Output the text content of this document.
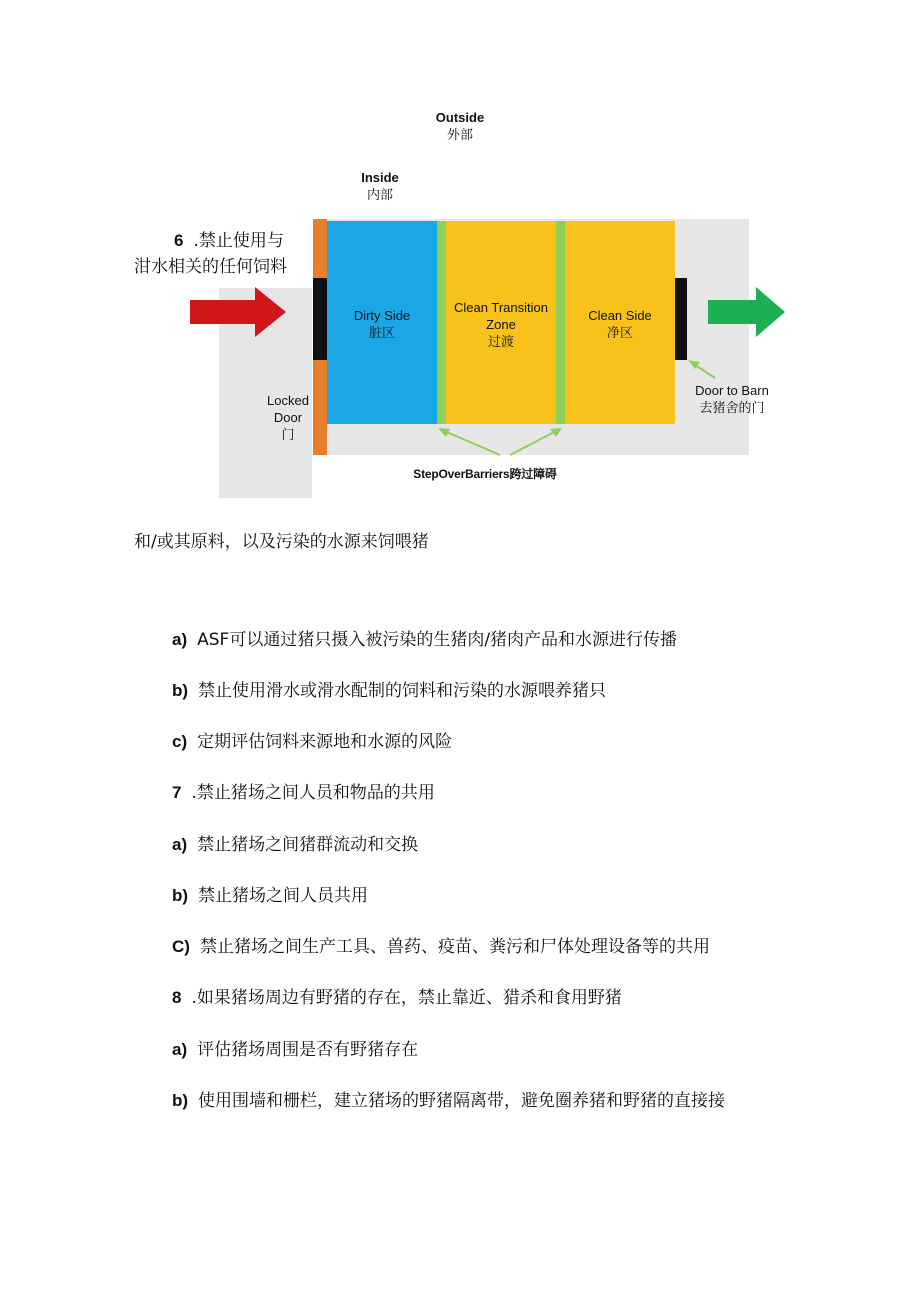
Outside
外部
Inside
内部
Dirty Side
脏区
Clean Transition
Zone
过渡
Clean Side
净区
Locked
Door
门
Door to Barn
去猪舍的门
StepOverBarriers跨过障碍
6 .禁止使用与
泔水相关的任何饲料
和/或其原料，以及污染的水源来饲喂猪
a) ASF可以通过猪只摄入被污染的生猪肉/猪肉产品和水源进行传播
b) 禁止使用滑水或滑水配制的饲料和污染的水源喂养猪只
c) 定期评估饲料来源地和水源的风险
7 .禁止猪场之间人员和物品的共用
a) 禁止猪场之间猪群流动和交换
b) 禁止猪场之间人员共用
C) 禁止猪场之间生产工具、兽药、疫苗、粪污和尸体处理设备等的共用
8 .如果猪场周边有野猪的存在，禁止靠近、猎杀和食用野猪
a) 评估猪场周围是否有野猪存在
b) 使用围墙和栅栏，建立猪场的野猪隔离带，避免圈养猪和野猪的直接接
